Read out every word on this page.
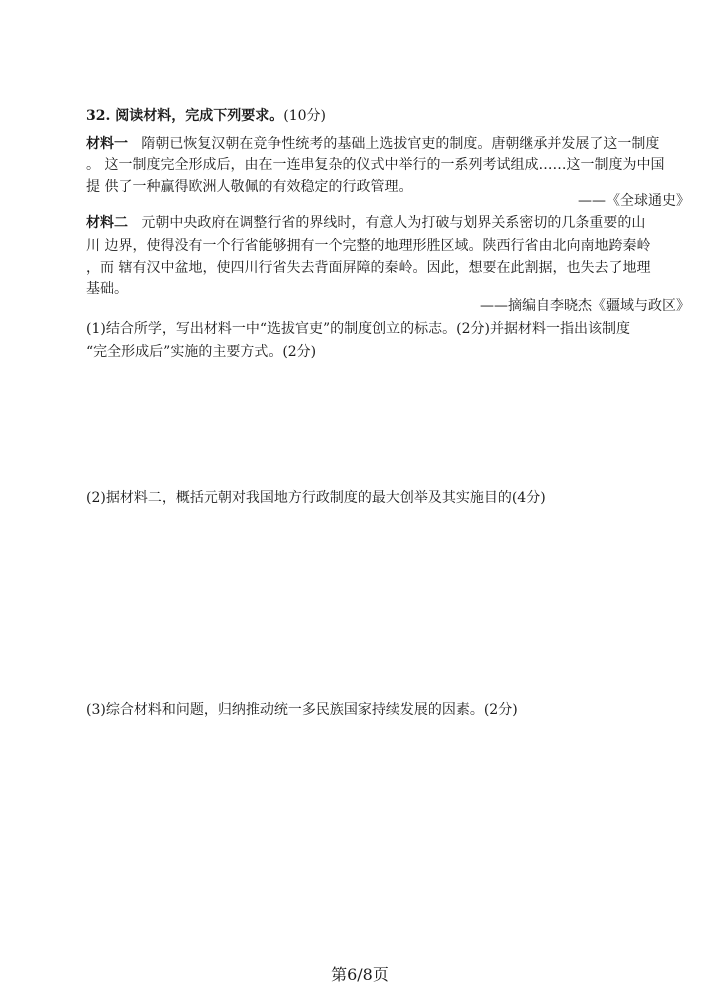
32. 阅读材料，完成下列要求。(10分)
材料一 隋朝已恢复汉朝在竞争性统考的基础上选拔官吏的制度。唐朝继承并发展了这一制度
。 这一制度完全形成后，由在一连串复杂的仪式中举行的一系列考试组成……这一制度为中国
提 供了一种赢得欧洲人敬佩的有效稳定的行政管理。
——《全球通史》
材料二 元朝中央政府在调整行省的界线时，有意人为打破与划界关系密切的几条重要的山
川 边界，使得没有一个行省能够拥有一个完整的地理形胜区域。陕西行省由北向南地跨秦岭
，而 辖有汉中盆地，使四川行省失去背面屏障的秦岭。因此，想要在此割据，也失去了地理
基础。
——摘编自李晓杰《疆域与政区》
(1)结合所学，写出材料一中“选拔官吏”的制度创立的标志。(2分)并据材料一指出该制度
“完全形成后”实施的主要方式。(2分)
(2)据材料二，概括元朝对我国地方行政制度的最大创举及其实施目的(4分)
(3)综合材料和问题，归纳推动统一多民族国家持续发展的因素。(2分)
第6/8页
